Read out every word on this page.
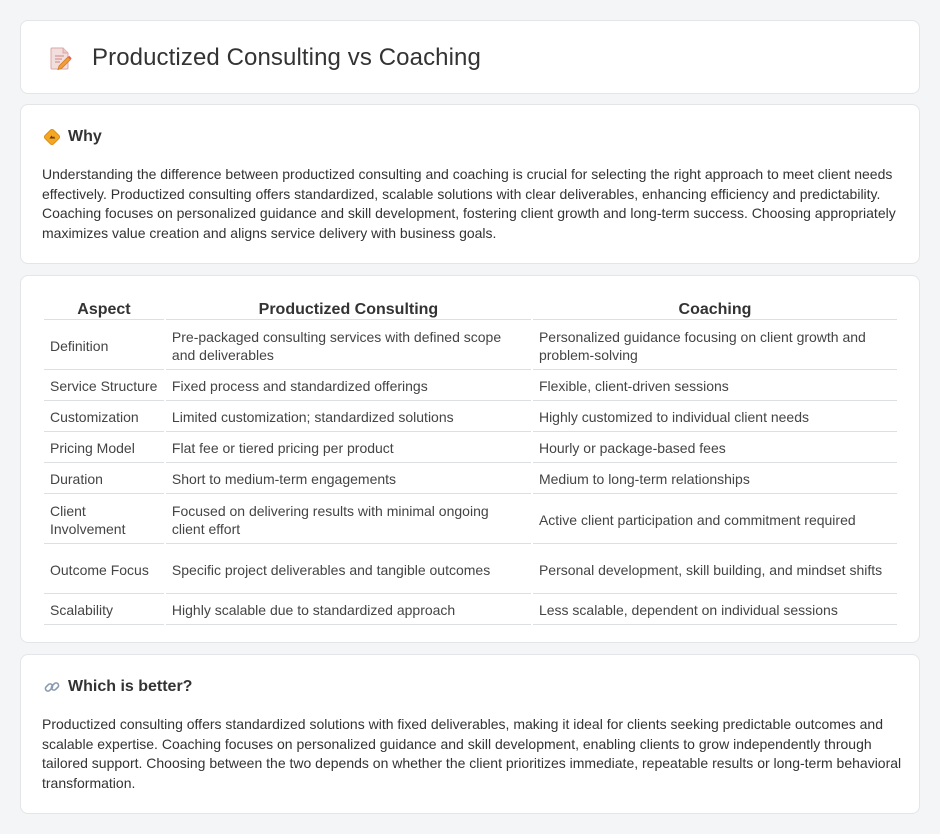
Productized Consulting vs Coaching
Why

Understanding the difference between productized consulting and coaching is crucial for selecting the right approach to meet client needs effectively. Productized consulting offers standardized, scalable solutions with clear deliverables, enhancing efficiency and predictability. Coaching focuses on personalized guidance and skill development, fostering client growth and long-term success. Choosing appropriately maximizes value creation and aligns service delivery with business goals.

Aspect	Productized Consulting	Coaching
Definition	Pre-packaged consulting services with defined scope and deliverables	Personalized guidance focusing on client growth and problem-solving
Service Structure	Fixed process and standardized offerings	Flexible, client-driven sessions
Customization	Limited customization; standardized solutions	Highly customized to individual client needs
Pricing Model	Flat fee or tiered pricing per product	Hourly or package-based fees
Duration	Short to medium-term engagements	Medium to long-term relationships
Client Involvement	Focused on delivering results with minimal ongoing client effort	Active client participation and commitment required
Outcome Focus	Specific project deliverables and tangible outcomes	Personal development, skill building, and mindset shifts
Scalability	Highly scalable due to standardized approach	Less scalable, dependent on individual sessions
Which is better?

Productized consulting offers standardized solutions with fixed deliverables, making it ideal for clients seeking predictable outcomes and scalable expertise. Coaching focuses on personalized guidance and skill development, enabling clients to grow independently through tailored support. Choosing between the two depends on whether the client prioritizes immediate, repeatable results or long-term behavioral transformation.
